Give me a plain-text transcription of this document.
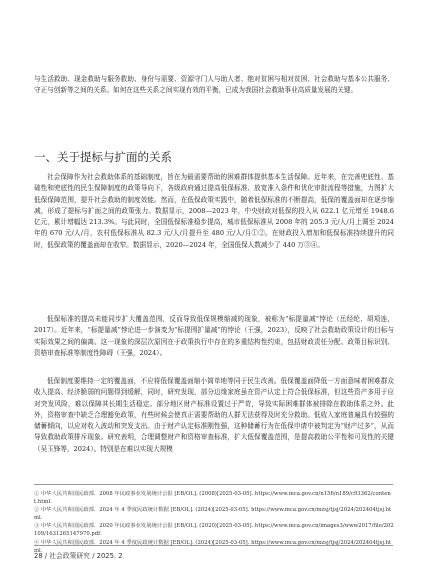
与生活救助、现金救助与服务救助、身份与需要、资源守门人与助人者、绝对贫困与相对贫困、社会救助与基本公共服务、守正与创新等之间的关系。如何在这些关系之间实现有效的平衡，已成为我国社会救助事业高质量发展的关键。

一、关于提标与扩面的关系

社会保障作为社会救助体系的基础制度，旨在为最需要帮助的困难群体提供基本生活保障。近年来，在完善兜底性、基础性和兜底性的民生保障制度的政策导向下，各级政府通过提高低保标准、放宽准入条件和优化审批流程等措施，力图扩大低保保障范围，提升社会救助的制度效能。然而，在低保政策实践中，随着低保标准的不断提高，低保的覆盖面却在逐步缩减，形成了提标与扩面之间的政策张力。数据显示，2008—2023 年，中央财政对低保的投入从 622.1 亿元增至 1948.6 亿元，累计增幅达 213.3%。与此同时，全国低保标准稳步提高，城市低保标准从 2008 年的 205.3 元/人/月上调至 2024 年的 670 元/人/月，农村低保标准从 82.3 元/人/月提升至 480 元/人/月①②。在财政投入增加和低保标准持续提升的同时，低保政策的覆盖面却在收窄。数据显示，2020—2024 年，全国低保人数减少了 440 万③④。

低保标准的提高未能同步扩大覆盖范围，反而导致低保规模缩减的现象，被称为“标提量减”悖论（岳经纶、胡项连，2017）。近年来，“标提量减”悖论进一步演变为“标提围扩量减”的悖论（王强，2023），反映了社会救助政策设计的目标与实际效果之间的偏离。这一现象的深层次原因在于政策执行中存在的多重结构性约束，包括财政责任分配、政策目标识别、资格审查标准等制度性障碍（王强，2024）。

低保制度要维持一定的覆盖面，不应将低保覆盖面缩小简单地等同于民生改善。低保覆盖面降低一方面意味着困难群众收入提高、经济脆弱的问题得到缓解，同时，研究发现，部分边缘家庭虽在资产认定上符合低保标准，但这些资产多用于应对突发风险，难以保障其长期生活稳定。部分地区财产标准设置过于严苛，导致实际困难群体被排除在救助体系之外。此外，资格审查中缺乏合理豁免政策，有些时候会使真正需要帮助的人群无法获得及时充分救助。低收入家庭普遍具有较强的储蓄倾向，以应对收入波动和突发支出。由于财产认定标准刚性强，这种储蓄行为在低保申请中被判定为“财产过多”，从而导致救助政策排斥现象。研究表明，合理调整财产和资格审查标准，扩大低保覆盖范围，是提高救助公平性和可及性的关键（吴玉锋等，2024）。特别是在难以实现大规模

① 中华人民共和国民政部．2008 年民政事业发展统计公报 [EB/OL]. (2008)[2025-03-05]. https://www.mca.gov.cn/n156/n189/c93362/content.html.

② 中华人民共和国民政部．2024 年 4 季度民政统计数据 [EB/OL]. (2024)[2025-03-05]. https://www.mca.gov.cn/mzsj/tjsj/2024/202404tjsj.html.

③ 中华人民共和国民政部．2020 年民政事业发展统计公报 [EB/OL]. (2020)[2025-03-05]. https://www.mca.gov.cn/images3/www2017/file/202109/1631265147970.pdf.

④ 中华人民共和国民政部．2024 年 4 季度民政统计数据 [EB/OL]. (2024)[2025-03-05]. https://www.mca.gov.cn/mzsj/tjsj/2024/202404tjsj.html.

28 / 社会政策研究 / 2025. 2
